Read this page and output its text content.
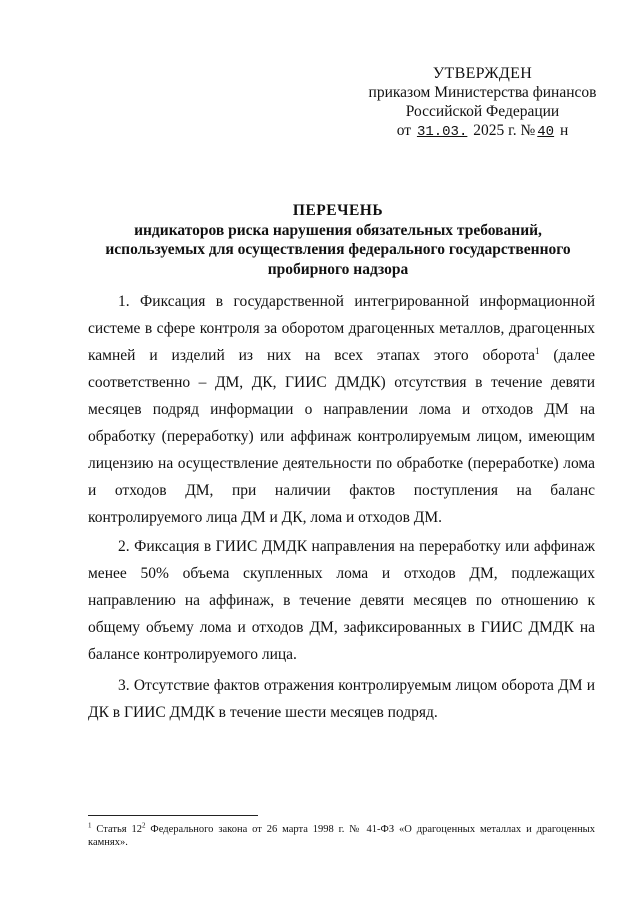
УТВЕРЖДЕН
приказом Министерства финансов
Российской Федерации
от 31.03. 2025 г. № 40 н
ПЕРЕЧЕНЬ
индикаторов риска нарушения обязательных требований,
используемых для осуществления федерального государственного
пробирного надзора

1. Фиксация в государственной интегрированной информационной системе в сфере контроля за оборотом драгоценных металлов, драгоценных камней и изделий из них на всех этапах этого оборота$^1$ (далее соответственно – ДМ, ДК, ГИИС ДМДК) отсутствия в течение девяти месяцев подряд информации о направлении лома и отходов ДМ на обработку (переработку) или аффинаж контролируемым лицом, имеющим лицензию на осуществление деятельности по обработке (переработке) лома и отходов ДМ, при наличии фактов поступления на баланс контролируемого лица ДМ и ДК, лома и отходов ДМ.

2. Фиксация в ГИИС ДМДК направления на переработку или аффинаж менее 50% объема скупленных лома и отходов ДМ, подлежащих направлению на аффинаж, в течение девяти месяцев по отношению к общему объему лома и отходов ДМ, зафиксированных в ГИИС ДМДК на балансе контролируемого лица.

3. Отсутствие фактов отражения контролируемым лицом оборота ДМ и ДК в ГИИС ДМДК в течение шести месяцев подряд.

$^1$ Статья $12^2$ Федерального закона от 26 марта 1998 г. № 41-ФЗ «О драгоценных металлах и драгоценных камнях».
